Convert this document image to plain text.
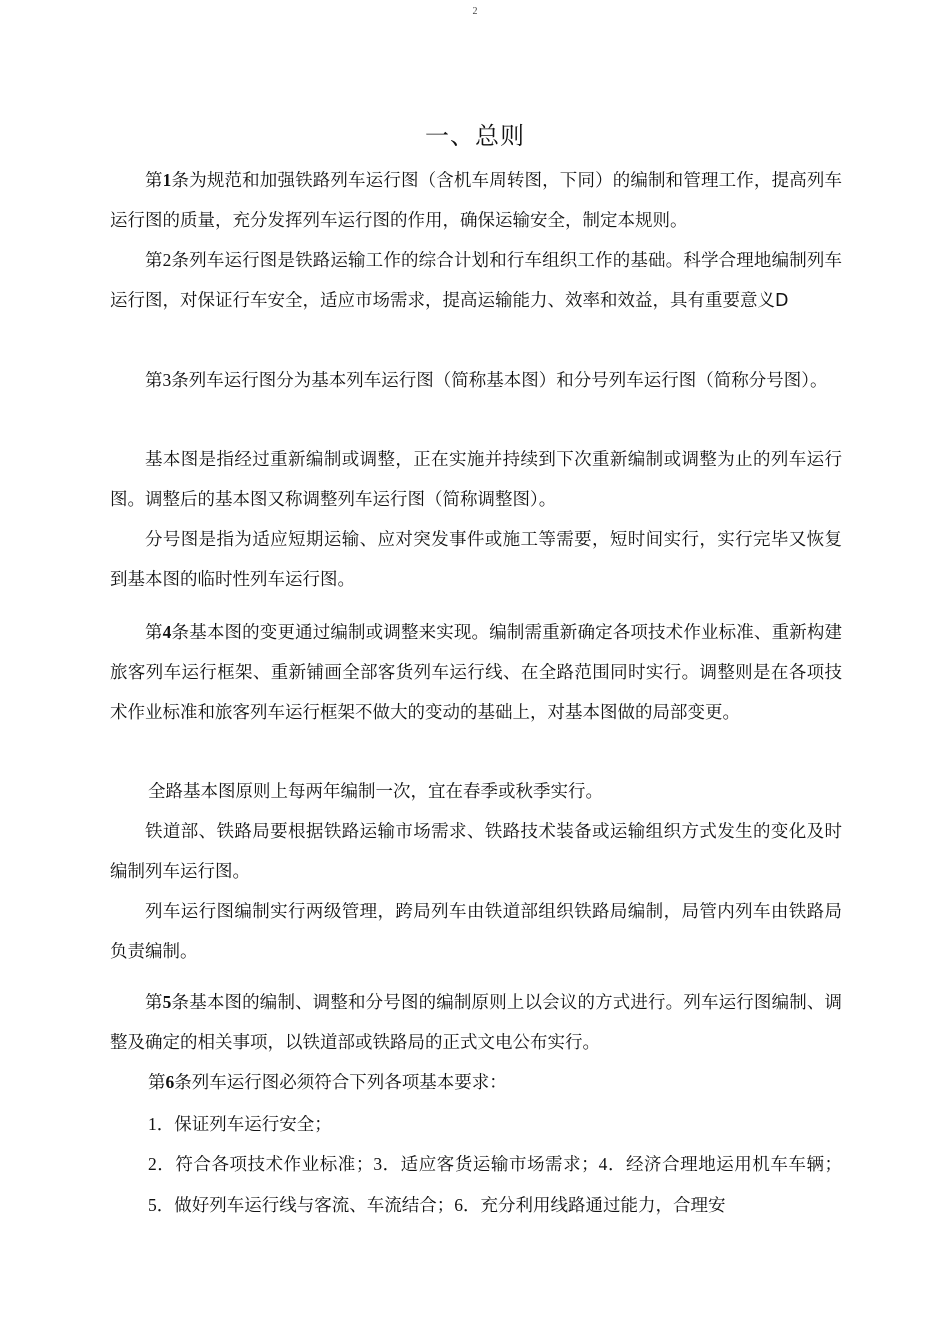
2
一、总则

第1条为规范和加强铁路列车运行图（含机车周转图，下同）的编制和管理工作，提高列车运行图的质量，充分发挥列车运行图的作用，确保运输安全，制定本规则。

第2条列车运行图是铁路运输工作的综合计划和行车组织工作的基础。科学合理地编制列车运行图，对保证行车安全，适应市场需求，提高运输能力、效率和效益，具有重要意义D

第3条列车运行图分为基本列车运行图（简称基本图）和分号列车运行图（简称分号图）。

基本图是指经过重新编制或调整，正在实施并持续到下次重新编制或调整为止的列车运行图。调整后的基本图又称调整列车运行图（简称调整图）。

分号图是指为适应短期运输、应对突发事件或施工等需要，短时间实行，实行完毕又恢复到基本图的临时性列车运行图。

第4条基本图的变更通过编制或调整来实现。编制需重新确定各项技术作业标准、重新构建旅客列车运行框架、重新铺画全部客货列车运行线、在全路范围同时实行。调整则是在各项技术作业标准和旅客列车运行框架不做大的变动的基础上，对基本图做的局部变更。

全路基本图原则上每两年编制一次，宜在春季或秋季实行。

铁道部、铁路局要根据铁路运输市场需求、铁路技术装备或运输组织方式发生的变化及时编制列车运行图。

列车运行图编制实行两级管理，跨局列车由铁道部组织铁路局编制，局管内列车由铁路局负责编制。

第5条基本图的编制、调整和分号图的编制原则上以会议的方式进行。列车运行图编制、调整及确定的相关事项，以铁道部或铁路局的正式文电公布实行。

第6条列车运行图必须符合下列各项基本要求：

1．保证列车运行安全；

2．符合各项技术作业标准；3．适应客货运输市场需求；4．经济合理地运用机车车辆；5．做好列车运行线与客流、车流结合；6．充分利用线路通过能力，合理安
